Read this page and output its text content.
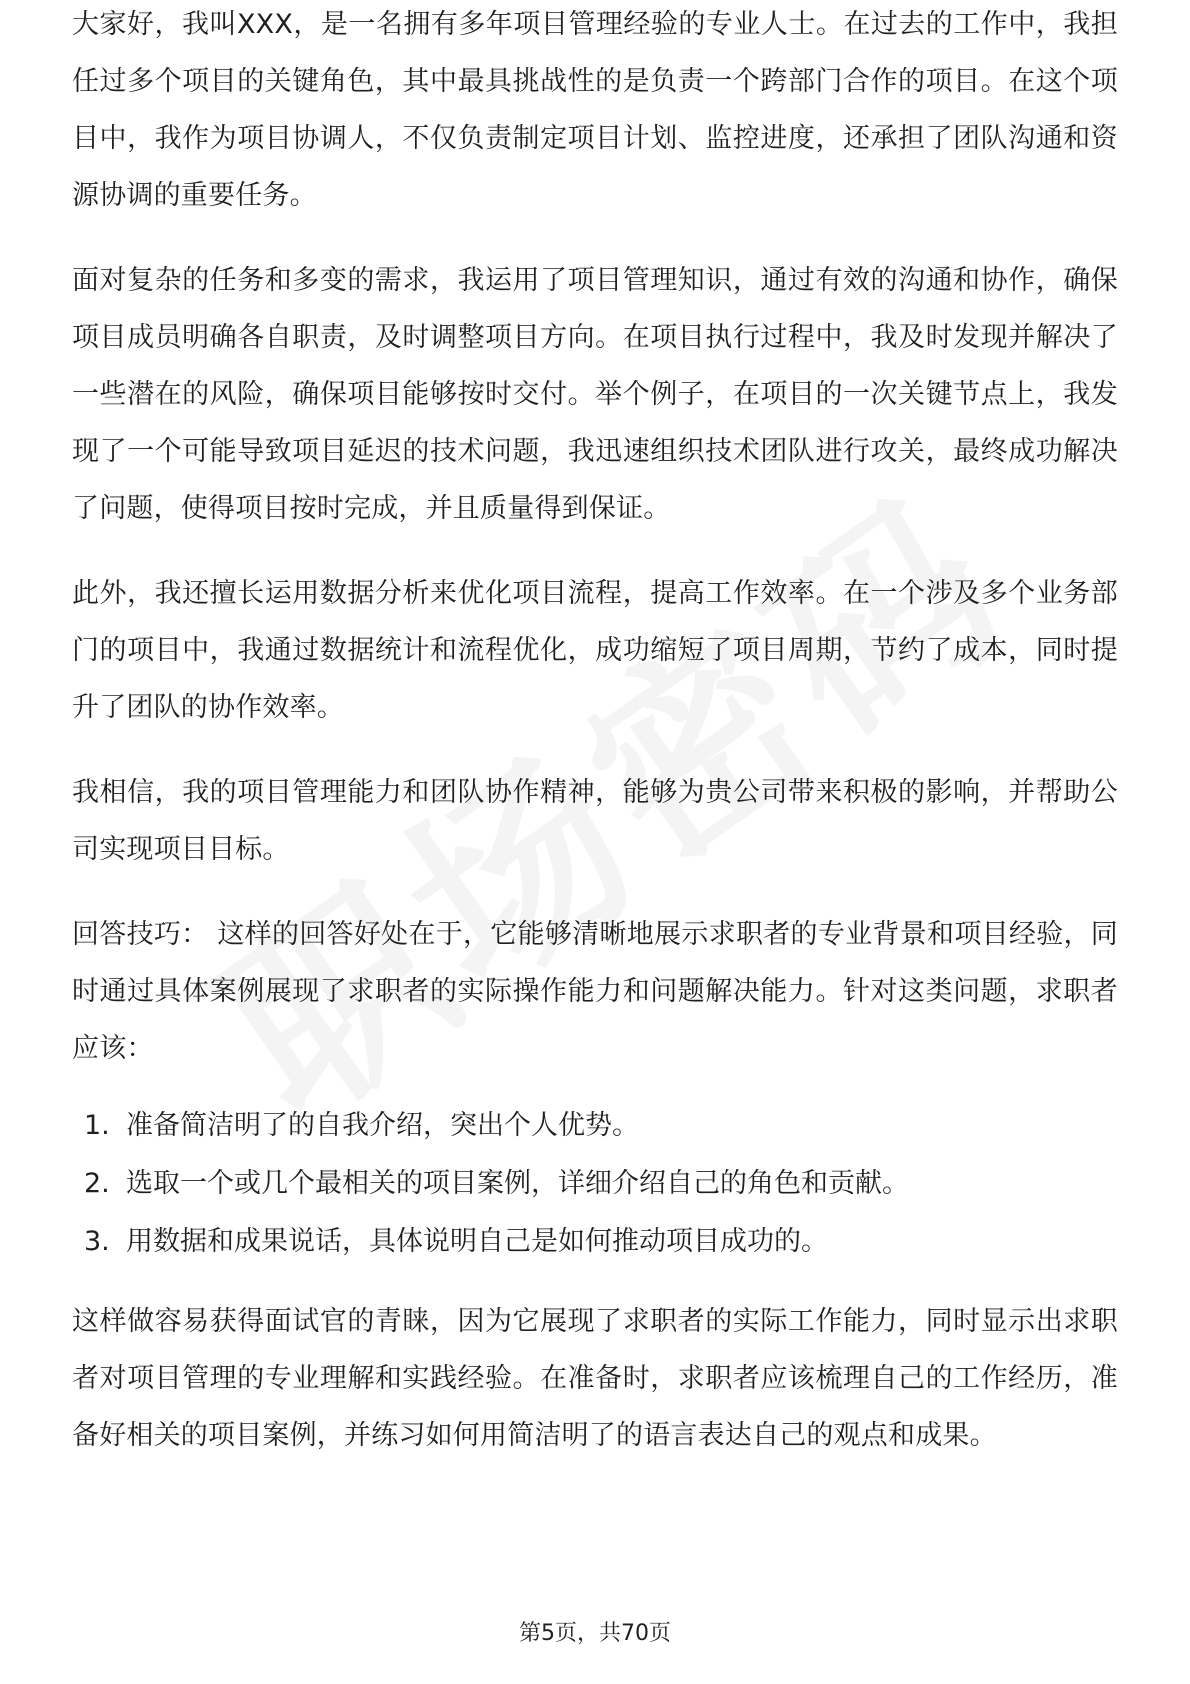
大家好，我叫XXX，是一名拥有多年项目管理经验的专业人士。在过去的工作中，我担任过多个项目的关键角色，其中最具挑战性的是负责一个跨部门合作的项目。在这个项目中，我作为项目协调人，不仅负责制定项目计划、监控进度，还承担了团队沟通和资源协调的重要任务。

面对复杂的任务和多变的需求，我运用了项目管理知识，通过有效的沟通和协作，确保项目成员明确各自职责，及时调整项目方向。在项目执行过程中，我及时发现并解决了一些潜在的风险，确保项目能够按时交付。举个例子，在项目的一次关键节点上，我发现了一个可能导致项目延迟的技术问题，我迅速组织技术团队进行攻关，最终成功解决了问题，使得项目按时完成，并且质量得到保证。

此外，我还擅长运用数据分析来优化项目流程，提高工作效率。在一个涉及多个业务部门的项目中，我通过数据统计和流程优化，成功缩短了项目周期，节约了成本，同时提升了团队的协作效率。

我相信，我的项目管理能力和团队协作精神，能够为贵公司带来积极的影响，并帮助公司实现项目目标。

回答技巧： 这样的回答好处在于，它能够清晰地展示求职者的专业背景和项目经验，同时通过具体案例展现了求职者的实际操作能力和问题解决能力。针对这类问题，求职者应该：

1. 准备简洁明了的自我介绍，突出个人优势。
2. 选取一个或几个最相关的项目案例，详细介绍自己的角色和贡献。
3. 用数据和成果说话，具体说明自己是如何推动项目成功的。

这样做容易获得面试官的青睐，因为它展现了求职者的实际工作能力，同时显示出求职者对项目管理的专业理解和实践经验。在准备时，求职者应该梳理自己的工作经历，准备好相关的项目案例，并练习如何用简洁明了的语言表达自己的观点和成果。

第5页，共70页
